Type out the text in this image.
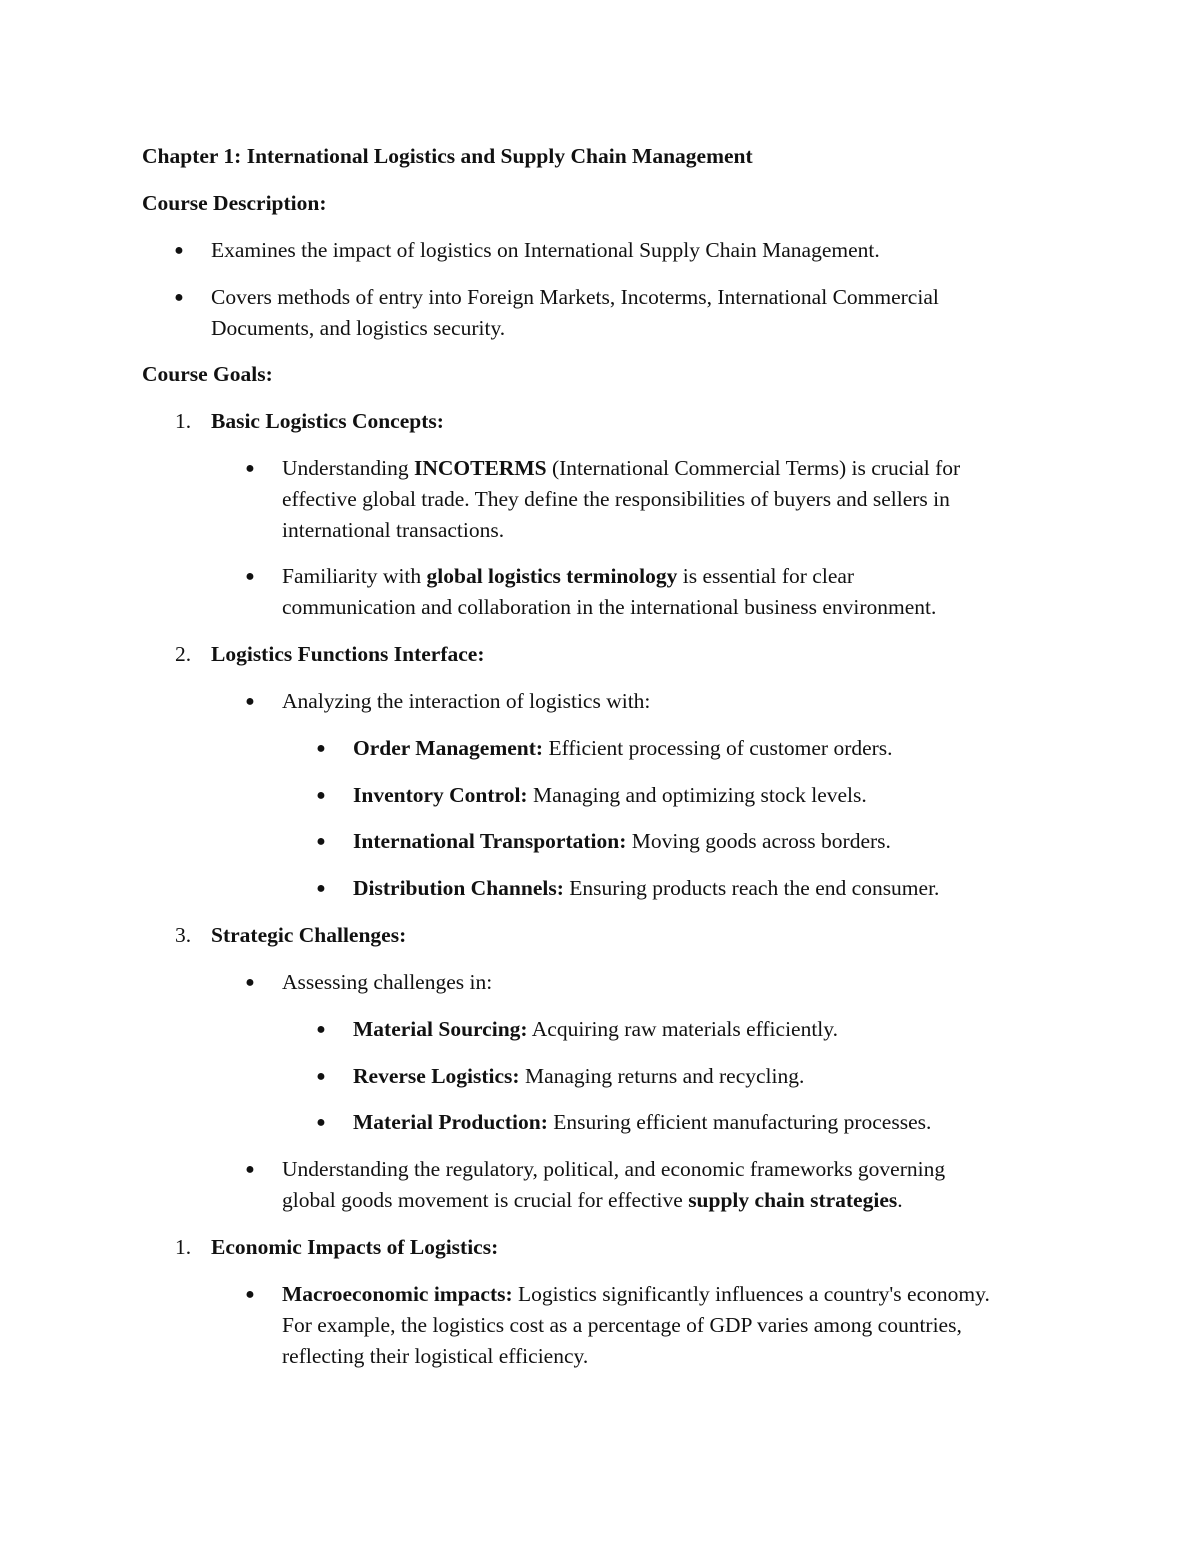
Chapter 1: International Logistics and Supply Chain Management
Course Description:
● Examines the impact of logistics on International Supply Chain Management.
● Covers methods of entry into Foreign Markets, Incoterms, International Commercial
Documents, and logistics security.
Course Goals:
1. Basic Logistics Concepts:
● Understanding INCOTERMS (International Commercial Terms) is crucial for
effective global trade. They define the responsibilities of buyers and sellers in
international transactions.
● Familiarity with global logistics terminology is essential for clear
communication and collaboration in the international business environment.
2. Logistics Functions Interface:
● Analyzing the interaction of logistics with:
● Order Management: Efficient processing of customer orders.
● Inventory Control: Managing and optimizing stock levels.
● International Transportation: Moving goods across borders.
● Distribution Channels: Ensuring products reach the end consumer.
3. Strategic Challenges:
● Assessing challenges in:
● Material Sourcing: Acquiring raw materials efficiently.
● Reverse Logistics: Managing returns and recycling.
● Material Production: Ensuring efficient manufacturing processes.
● Understanding the regulatory, political, and economic frameworks governing
global goods movement is crucial for effective supply chain strategies.
1. Economic Impacts of Logistics:
● Macroeconomic impacts: Logistics significantly influences a country's economy.
For example, the logistics cost as a percentage of GDP varies among countries,
reflecting their logistical efficiency.
